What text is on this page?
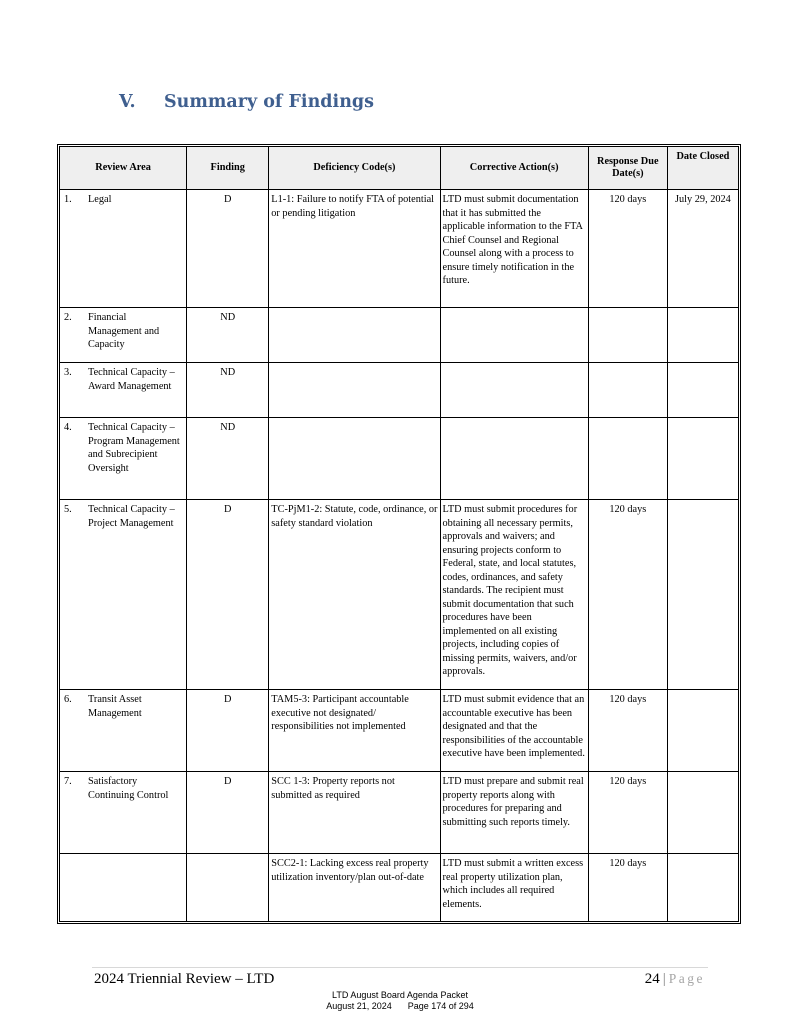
V.	Summary of Findings
Review Area	Finding	Deficiency Code(s)	Corrective Action(s)	Response Due Date(s)	Date Closed

1. Legal	D	L1-1: Failure to notify FTA of potential or pending litigation	LTD must submit documentation that it has submitted the applicable information to the FTA Chief Counsel and Regional Counsel along with a process to ensure timely notification in the future.	120 days	July 29, 2024

2. Financial Management and Capacity	ND				

3. Technical Capacity – Award Management	ND				

4. Technical Capacity – Program Management and Subrecipient Oversight	ND				

5. Technical Capacity – Project Management	D	TC-PjM1-2: Statute, code, ordinance, or safety standard violation	LTD must submit procedures for obtaining all necessary permits, approvals and waivers; and ensuring projects conform to Federal, state, and local statutes, codes, ordinances, and safety standards. The recipient must submit documentation that such procedures have been implemented on all existing projects, including copies of missing permits, waivers, and/or approvals.	120 days	

6. Transit Asset Management	D	TAM5-3: Participant accountable executive not designated/ responsibilities not implemented	LTD must submit evidence that an accountable executive has been designated and that the responsibilities of the accountable executive have been implemented.	120 days	

7. Satisfactory Continuing Control	D	SCC 1-3: Property reports not submitted as required	LTD must prepare and submit real property reports along with procedures for preparing and submitting such reports timely.	120 days	

		SCC2-1: Lacking excess real property utilization inventory/plan out-of-date	LTD must submit a written excess real property utilization plan, which includes all required elements.	120 days	
2024 Triennial Review – LTD	24 | Page
LTD August Board Agenda Packet
August 21, 2024 Page 174 of 294
